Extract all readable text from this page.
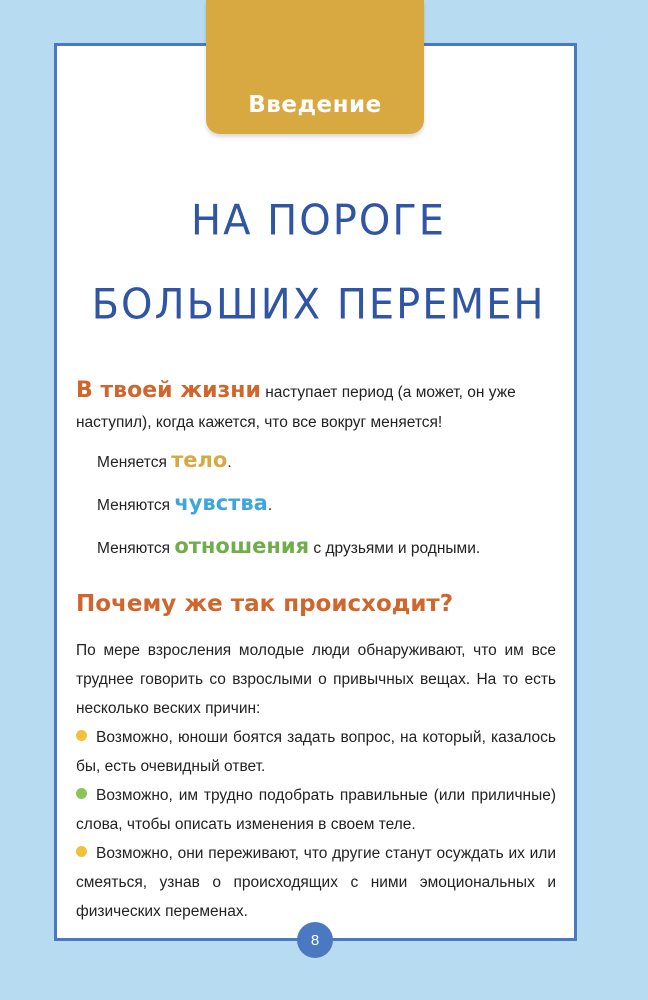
Введение
НА ПОРОГЕ
БОЛЬШИХ ПЕРЕМЕН

В твоей жизни наступает период (а может, он уже наступил), когда кажется, что все вокруг меняется!

Меняется тело.

Меняются чувства.

Меняются отношения с друзьями и родными.

Почему же так происходит?

По мере взросления молодые люди обнаруживают, что им все труднее говорить со взрослыми о привычных вещах. На то есть несколько веских причин:

Возможно, юноши боятся задать вопрос, на который, казалось бы, есть очевидный ответ.
Возможно, им трудно подобрать правильные (или приличные) слова, чтобы описать изменения в своем теле.
Возможно, они переживают, что другие станут осуждать их или смеяться, узнав о происходящих с ними эмоциональных и физических переменах.
8
